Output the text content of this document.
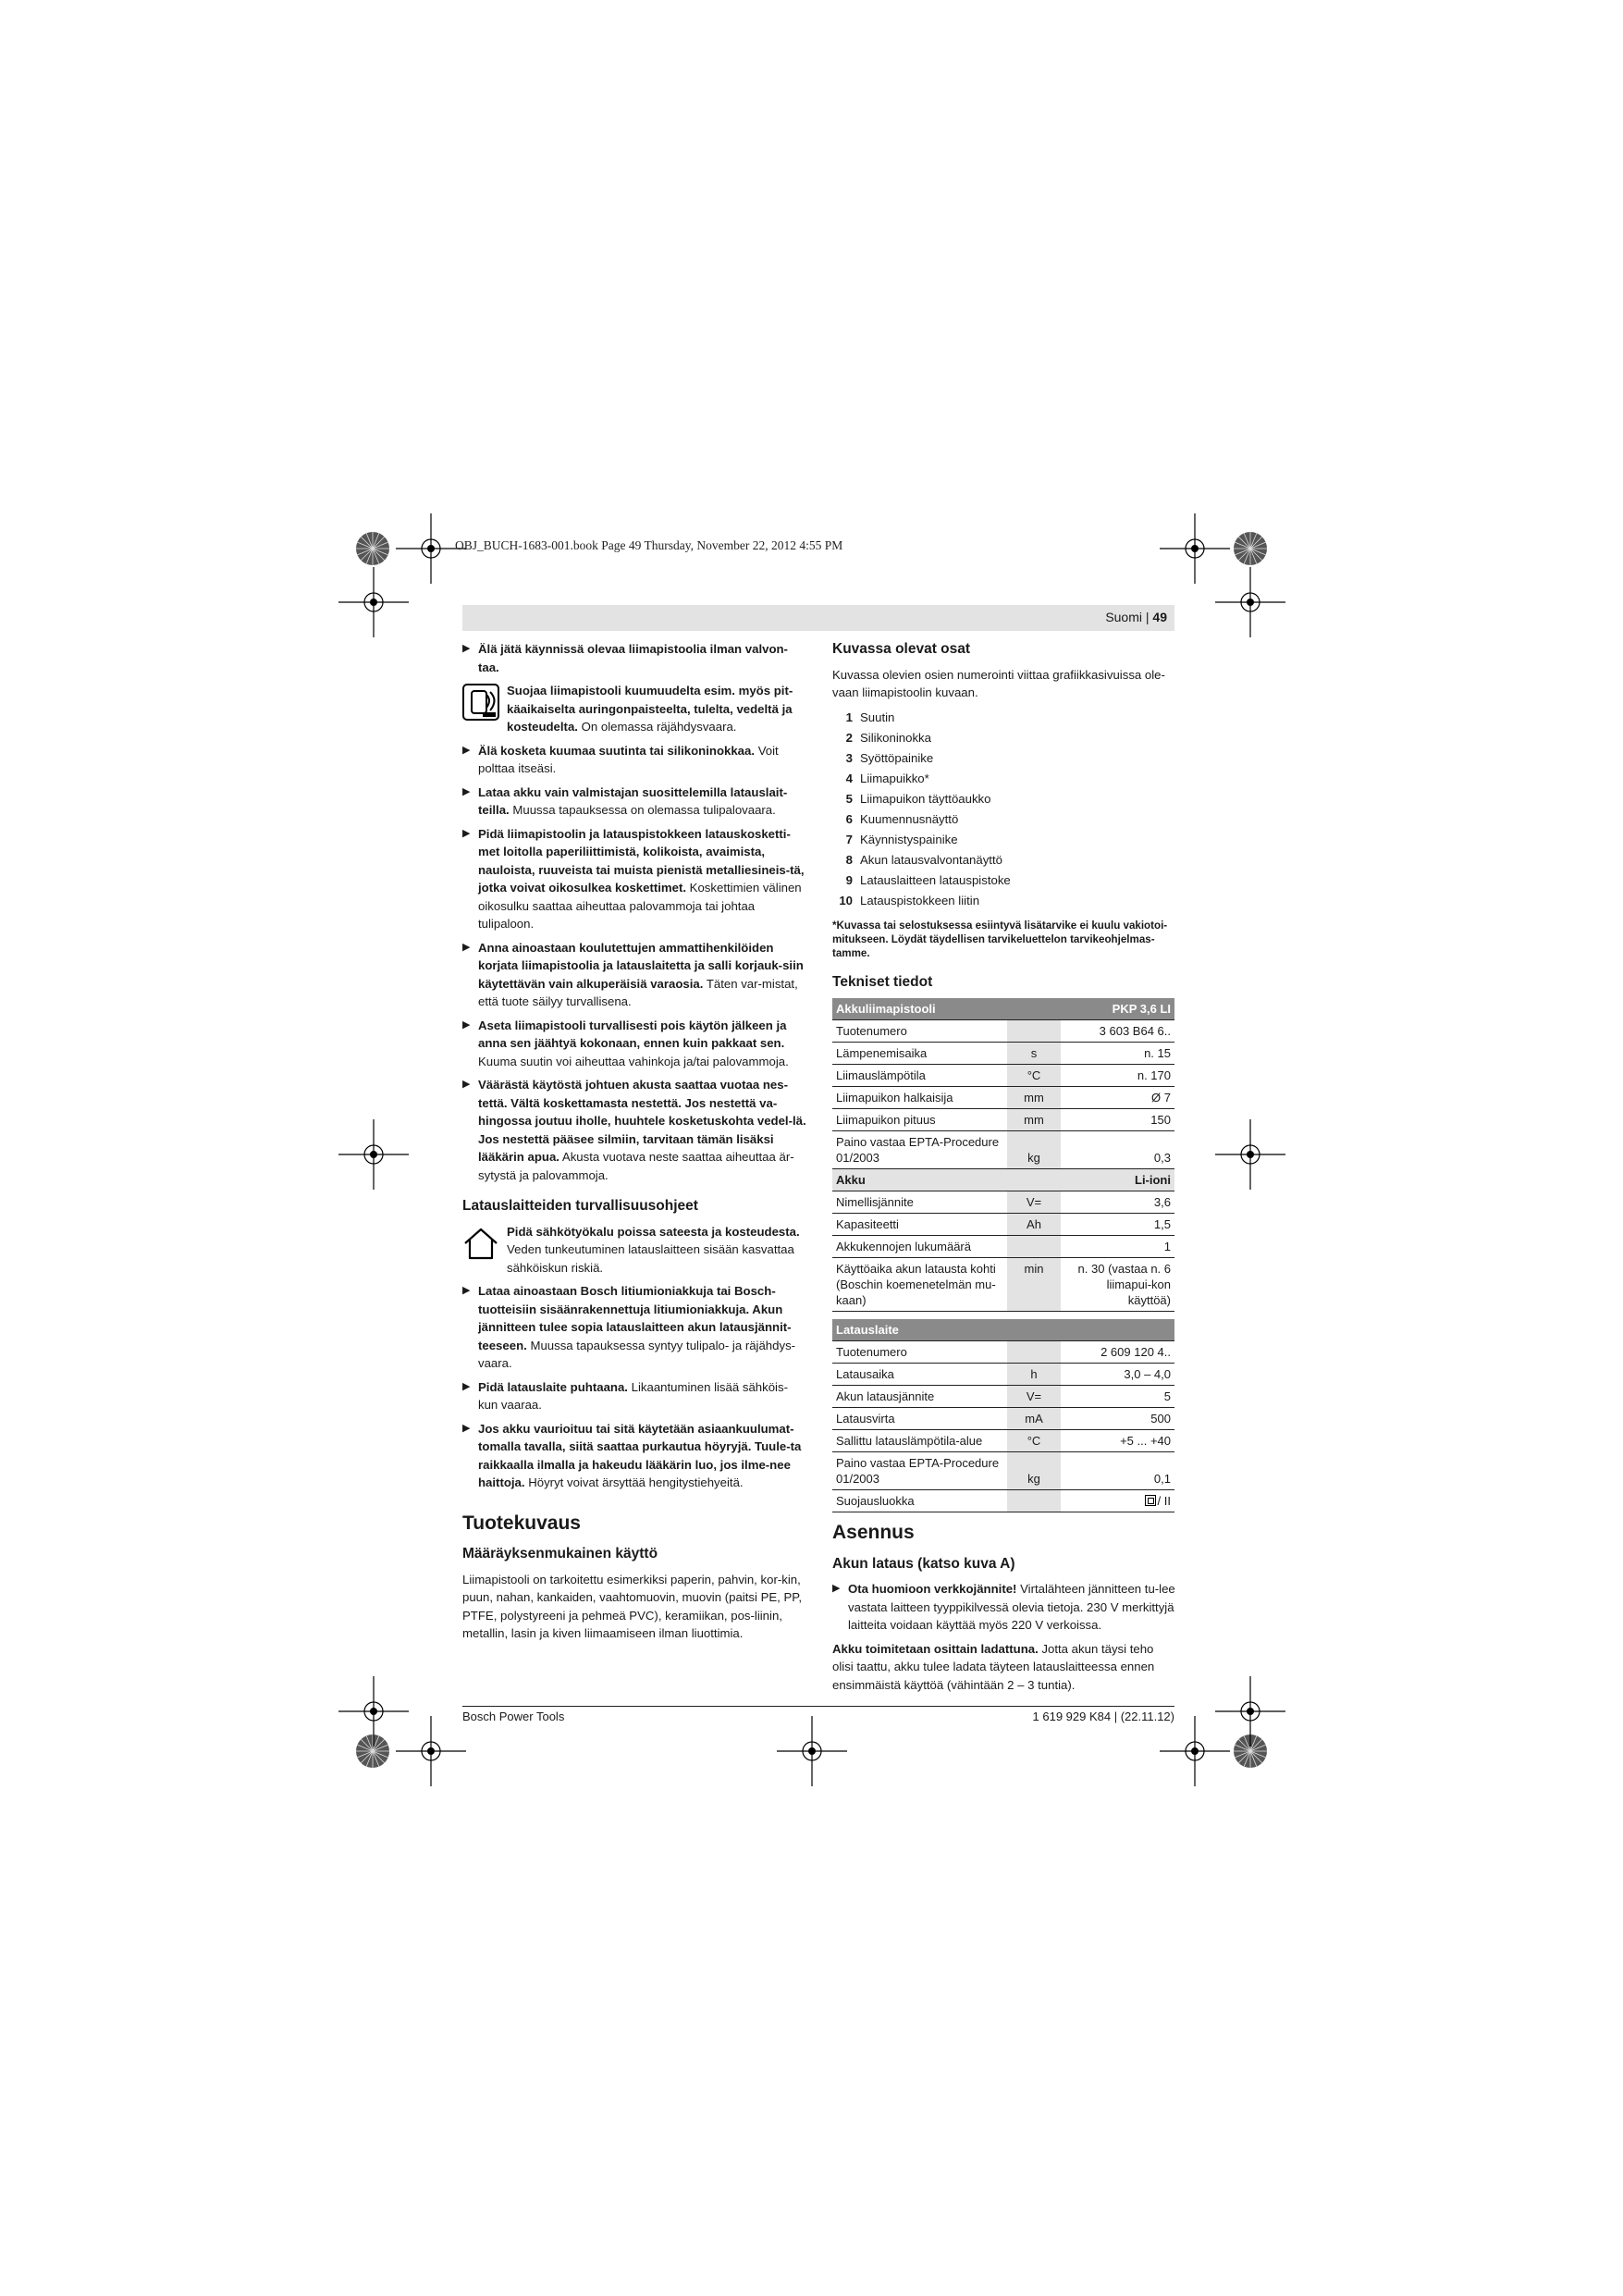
OBJ_BUCH-1683-001.book Page 49 Thursday, November 22, 2012 4:55 PM
Suomi | 49
▶ Älä jätä käynnissä olevaa liimapistoolia ilman valvon-taa.
Suojaa liimapistooli kuumuudelta esim. myös pit-käaikaiselta auringonpaisteelta, tulelta, vedeltä ja kosteudelta. On olemassa räjähdysvaara.
▶ Älä kosketa kuumaa suutinta tai silikoninokkaa. Voit polttaa itseäsi.
▶ Lataa akku vain valmistajan suosittelemilla latauslait-teilla. Muussa tapauksessa on olemassa tulipalovaara.
▶ Pidä liimapistoolin ja latauspistokkeen latauskosketti-met loitolla paperiliittimistä, kolikoista, avaimista, nauloista, ruuveista tai muista pienistä metalliesineis-tä, jotka voivat oikosulkea koskettimet. Koskettimien välinen oikosulku saattaa aiheuttaa palovammoja tai johtaa tulipaloon.
▶ Anna ainoastaan koulutettujen ammattihenkilöiden korjata liimapistoolia ja latauslaitetta ja salli korjauk-siin käytettävän vain alkuperäisiä varaosia. Täten var-mistat, että tuote säilyy turvallisena.
▶ Aseta liimapistooli turvallisesti pois käytön jälkeen ja anna sen jäähtyä kokonaan, ennen kuin pakkaat sen. Kuuma suutin voi aiheuttaa vahinkoja ja/tai palovammoja.
▶ Väärästä käytöstä johtuen akusta saattaa vuotaa nes-tettä. Vältä koskettamasta nestettä. Jos nestettä va-hingossa joutuu iholle, huuhtele kosketuskohta vedel-lä. Jos nestettä pääsee silmiin, tarvitaan tämän lisäksi lääkärin apua. Akusta vuotava neste saattaa aiheuttaa är-sytystä ja palovammoja.
Latauslaitteiden turvallisuusohjeet
Pidä sähkötyökalu poissa sateesta ja kosteudesta. Veden tunkeutuminen latauslaitteen sisään kasvattaa sähköiskun riskiä.
▶ Lataa ainoastaan Bosch litiumioniakkuja tai Bosch-tuotteisiin sisäänrakennettuja litiumioniakkuja. Akun jännitteen tulee sopia latauslaitteen akun latausjännit-teeseen. Muussa tapauksessa syntyy tulipalo- ja räjähdys-vaara.
▶ Pidä latauslaite puhtaana. Likaantuminen lisää sähköis-kun vaaraa.
▶ Jos akku vaurioituu tai sitä käytetään asiaankuulumat-tomalla tavalla, siitä saattaa purkautua höyryjä. Tuule-ta raikkaalla ilmalla ja hakeudu lääkärin luo, jos ilme-nee haittoja. Höyryt voivat ärsyttää hengitystiehyeitä.
Tuotekuvaus
Määräyksenmukainen käyttö

Liimapistooli on tarkoitettu esimerkiksi paperin, pahvin, kor-kin, puun, nahan, kankaiden, vaahtomuovin, muovin (paitsi PE, PP, PTFE, polystyreeni ja pehmeä PVC), keramiikan, pos-liinin, metallin, lasin ja kiven liimaamiseen ilman liuottimia.

Kuvassa olevat osat

Kuvassa olevien osien numerointi viittaa grafiikkasivuissa ole-vaan liimapistoolin kuvaan.

1 Suutin
2 Silikoninokka
3 Syöttöpainike
4 Liimapuikko*
5 Liimapuikon täyttöaukko
6 Kuumennusnäyttö
7 Käynnistyspainike
8 Akun latausvalvontanäyttö
9 Latauslaitteen latauspistoke
10 Latauspistokkeen liitin

*Kuvassa tai selostuksessa esiintyvä lisätarvike ei kuulu vakiotoi-mitukseen. Löydät täydellisen tarvikeluettelon tarvikeohjelmas-tamme.

Tekniset tiedot
Akkuliimapistooli		PKP 3,6 LI
Tuotenumero		3 603 B64 6..
Lämpenemisaika	s	n. 15
Liimauslämpötila	°C	n. 170
Liimapuikon halkaisija	mm	Ø 7
Liimapuikon pituus	mm	150
Paino vastaa EPTA-Procedure 01/2003	kg	0,3
Akku		Li-ioni
Nimellisjännite	V=	3,6
Kapasiteetti	Ah	1,5
Akkukennojen lukumäärä		1
Käyttöaika akun latausta kohti (Boschin koemenetelmän mu-kaan)	min	n. 30 (vastaa n. 6 liimapui-kon käyttöä)

Latauslaite		
Tuotenumero		2 609 120 4..
Latausaika	h	3,0 – 4,0
Akun latausjännite	V=	5
Latausvirta	mA	500
Sallittu latauslämpötila-alue	°C	+5 ... +40
Paino vastaa EPTA-Procedure 01/2003	kg	0,1
Suojausluokka		/ II
Asennus
Akun lataus (katso kuva A)
▶ Ota huomioon verkkojännite! Virtalähteen jännitteen tu-lee vastata laitteen tyyppikilvessä olevia tietoja. 230 V merkittyjä laitteita voidaan käyttää myös 220 V verkoissa.

Akku toimitetaan osittain ladattuna. Jotta akun täysi teho olisi taattu, akku tulee ladata täyteen latauslaitteessa ennen ensimmäistä käyttöä (vähintään 2 – 3 tuntia).

Bosch Power Tools	1 619 929 K84 | (22.11.12)
